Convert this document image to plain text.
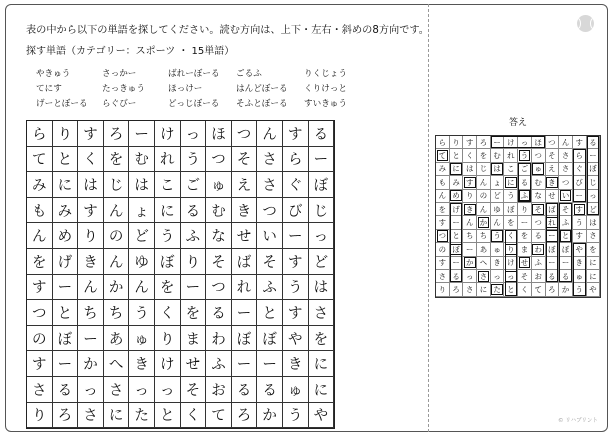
表の中から以下の単語を探してください。読む方向は、上下・左右・斜めの8方向です。
探す単語（カテゴリー：スポーツ ・ 15単語）
やきゅう	さっかー	ばれーぼーる	ごるふ	りくじょう
てにす	たっきゅう	ほっけー	はんどぼーる	くりけっと
げーとぼーる	らぐびー	どっじぼーる	そふとぼーる	すいきゅう
ら り す ろ ー け っ ほ つ ん す る
て と く を む れ う つ そ さ ら ー
み に は じ は こ ご ゅ え さ ぐ ぼ
も み す ん ょ に る む き つ び じ
ん め り の ど う ふ な せ い ー っ
を げ き ん ゆ ぼ り そ ば そ す ど
す ー ん か ん を ー つ れ ふ う は
つ と ち ち う く を る ー と す さ
の ぼ ー あ ゅ り ま わ ぼ ぼ や を
す ー か へ き け せ ふ ー ー き に
さ る っ さ っ っ そ お る る ゅ に
り ろ さ に た と く て ろ か う や
答え
ら り す ろ ー け っ ほ つ ん す る
て と く を む れ う つ そ さ ら ー
み に は じ は こ ご ゅ え さ ぐ ぼ
も み す ん ょ に る む き つ び じ
ん め り の ど う ふ な せ い ー っ
を げ き ん ゆ ぼ り そ ば そ す ど
す ー ん か ん を ー つ れ ふ う は
つ と ち ち う く を る ー と す さ
の ぼ ー あ ゅ り ま わ ぼ ぼ や を
す ー か へ き け せ ふ ー ー き に
さ る っ さ っ っ そ お る る ゅ に
り ろ さ に た と く て ろ か う や
© リハプリント
